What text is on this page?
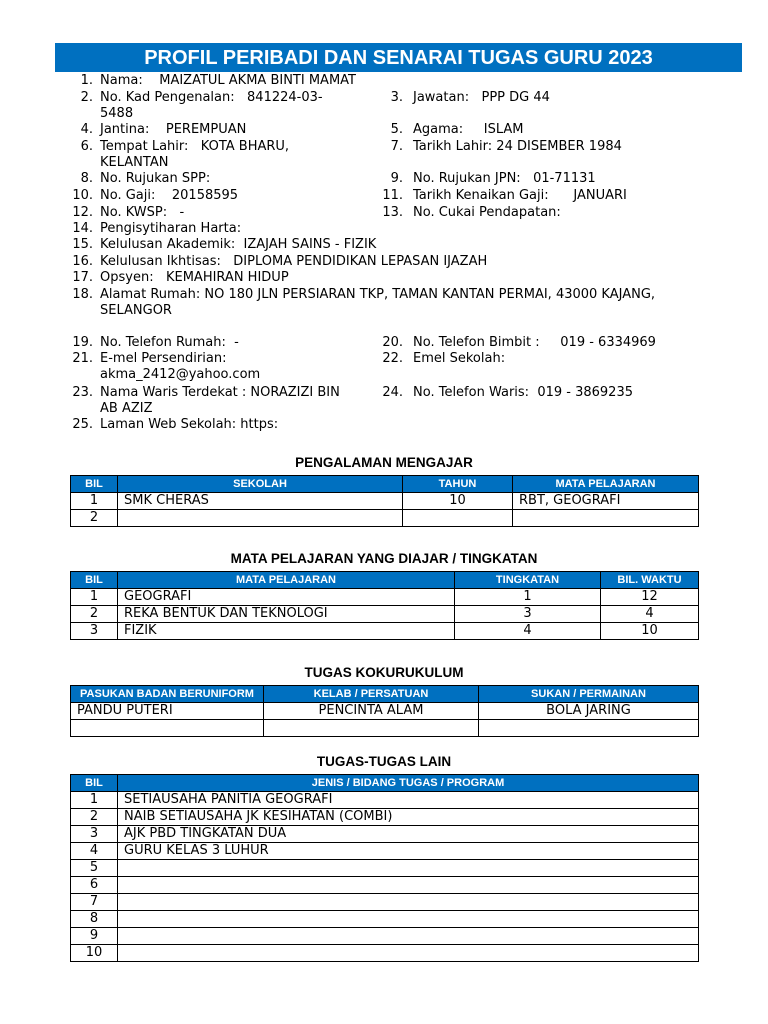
PROFIL PERIBADI DAN SENARAI TUGAS GURU 2023
1. Nama:    MAIZATUL AKMA BINTI MAMAT
2. No. Kad Pengenalan:   841224-03-
5488
3. Jawatan:   PPP DG 44
4. Jantina:    PEREMPUAN	5. Agama:     ISLAM
6. Tempat Lahir:   KOTA BHARU,
KELANTAN
7. Tarikh Lahir: 24 DISEMBER 1984
8. No. Rujukan SPP:	9. No. Rujukan JPN:   01-71131
10. No. Gaji:    20158595	11. Tarikh Kenaikan Gaji:      JANUARI
12. No. KWSP:   -	13. No. Cukai Pendapatan:
14. Pengisytiharan Harta:
15. Kelulusan Akademik:  IZAJAH SAINS - FIZIK
16. Kelulusan Ikhtisas:   DIPLOMA PENDIDIKAN LEPASAN IJAZAH
17. Opsyen:   KEMAHIRAN HIDUP
18. Alamat Rumah: NO 180 JLN PERSIARAN TKP, TAMAN KANTAN PERMAI, 43000 KAJANG,
SELANGOR
19. No. Telefon Rumah:  -	20. No. Telefon Bimbit :     019 - 6334969
21. E-mel Persendirian:
akma_2412@yahoo.com
22. Emel Sekolah:
23. Nama Waris Terdekat : NORAZIZI BIN
AB AZIZ
24. No. Telefon Waris:  019 - 3869235
25. Laman Web Sekolah: https:
PENGALAMAN MENGAJAR
BIL	SEKOLAH	TAHUN	MATA PELAJARAN
1	SMK CHERAS	10	RBT, GEOGRAFI
2			
MATA PELAJARAN YANG DIAJAR / TINGKATAN
BIL	MATA PELAJARAN	TINGKATAN	BIL. WAKTU
1	GEOGRAFI	1	12
2	REKA BENTUK DAN TEKNOLOGI	3	4
3	FIZIK	4	10
TUGAS KOKURUKULUM
PASUKAN BADAN BERUNIFORM	KELAB / PERSATUAN	SUKAN / PERMAINAN
PANDU PUTERI	PENCINTA ALAM	BOLA JARING

TUGAS-TUGAS LAIN
BIL	JENIS / BIDANG TUGAS / PROGRAM
1	SETIAUSAHA PANITIA GEOGRAFI
2	NAIB SETIAUSAHA JK KESIHATAN (COMBI)
3	AJK PBD TINGKATAN DUA
4	GURU KELAS 3 LUHUR
5	
6	
7	
8	
9	
10	
